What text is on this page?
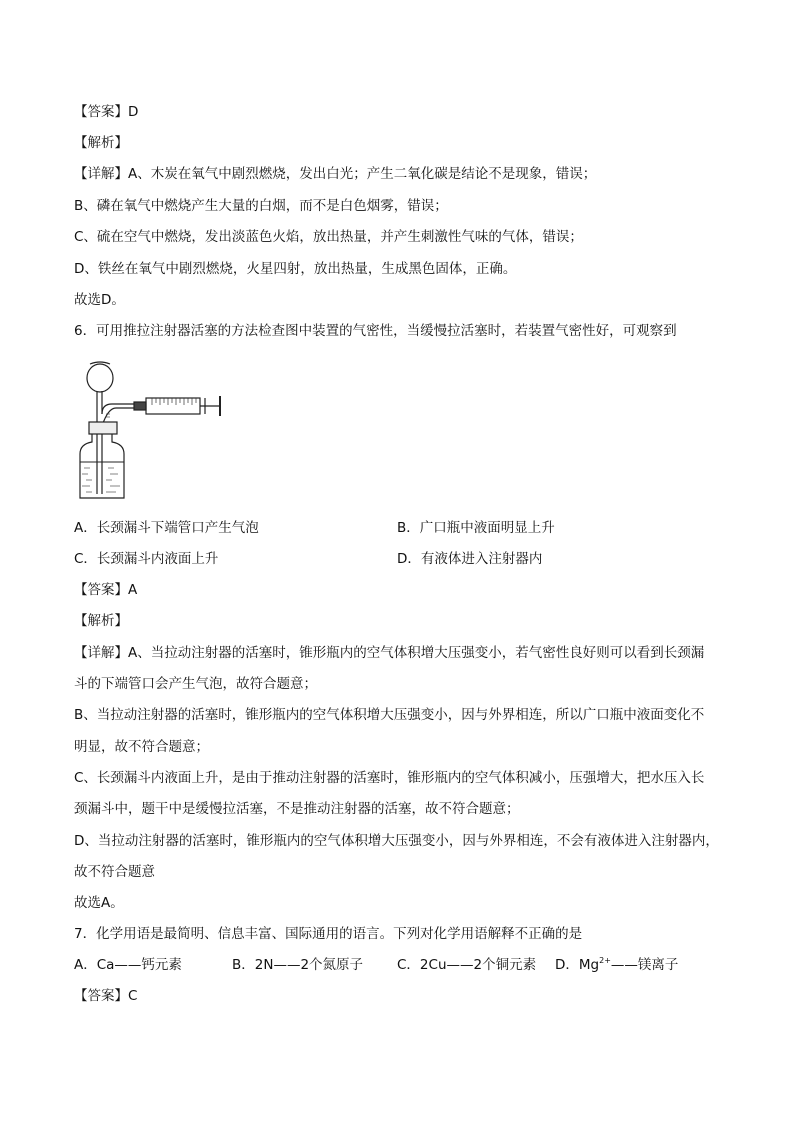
【答案】D
【解析】
【详解】A、木炭在氧气中剧烈燃烧，发出白光；产生二氧化碳是结论不是现象，错误；
B、磷在氧气中燃烧产生大量的白烟，而不是白色烟雾，错误；
C、硫在空气中燃烧，发出淡蓝色火焰，放出热量，并产生刺激性气味的气体，错误；
D、铁丝在氧气中剧烈燃烧，火星四射，放出热量，生成黑色固体，正确。
故选D。
6．可用推拉注射器活塞的方法检查图中装置的气密性，当缓慢拉活塞时，若装置气密性好，可观察到
A．长颈漏斗下端管口产生气泡	B．广口瓶中液面明显上升
C．长颈漏斗内液面上升	D．有液体进入注射器内
【答案】A
【解析】
【详解】A、当拉动注射器的活塞时，锥形瓶内的空气体积增大压强变小，若气密性良好则可以看到长颈漏
斗的下端管口会产生气泡，故符合题意；
B、当拉动注射器的活塞时，锥形瓶内的空气体积增大压强变小，因与外界相连，所以广口瓶中液面变化不
明显，故不符合题意；
C、长颈漏斗内液面上升，是由于推动注射器的活塞时，锥形瓶内的空气体积减小，压强增大，把水压入长
颈漏斗中，题干中是缓慢拉活塞，不是推动注射器的活塞，故不符合题意；
D、当拉动注射器的活塞时，锥形瓶内的空气体积增大压强变小，因与外界相连，不会有液体进入注射器内，
故不符合题意
故选A。
7．化学用语是最简明、信息丰富、国际通用的语言。下列对化学用语解释不正确的是
A．Ca——钙元素	B．2N——2个氮原子	C．2Cu——2个铜元素 D．$Mg^{2+}——$镁离子
【答案】C
